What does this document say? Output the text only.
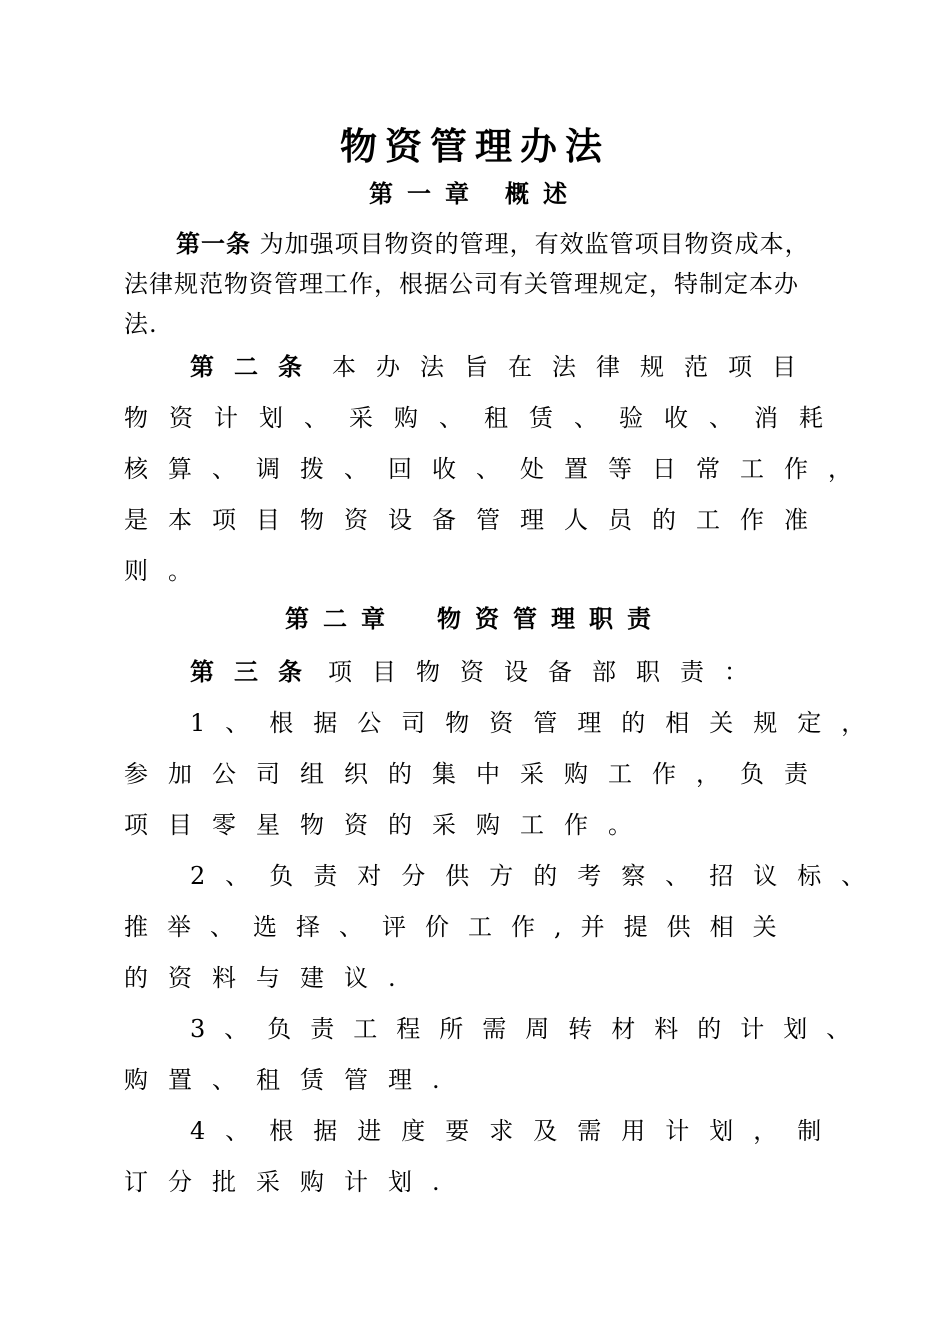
物资管理办法
第一章 概述

第一条 为加强项目物资的管理，有效监管项目物资成本，

法律规范物资管理工作，根据公司有关管理规定，特制定本办

法.

第二条 本办法旨在法律规范项目

物资计划、采购、租赁、验收、消耗

核算、调拨、回收、处置等日常工作，

是本项目物资设备管理人员的工作准

则。

第二章 物资管理职责

第三条 项目物资设备部职责：

1、根据公司物资管理的相关规定，

参加公司组织的集中采购工作，负责

项目零星物资的采购工作。

2、负责对分供方的考察、招议标、

推举、选择、评价工作,并提供相关

的资料与建议.

3、负责工程所需周转材料的计划、

购置、租赁管理.

4、根据进度要求及需用计划，制

订分批采购计划.
